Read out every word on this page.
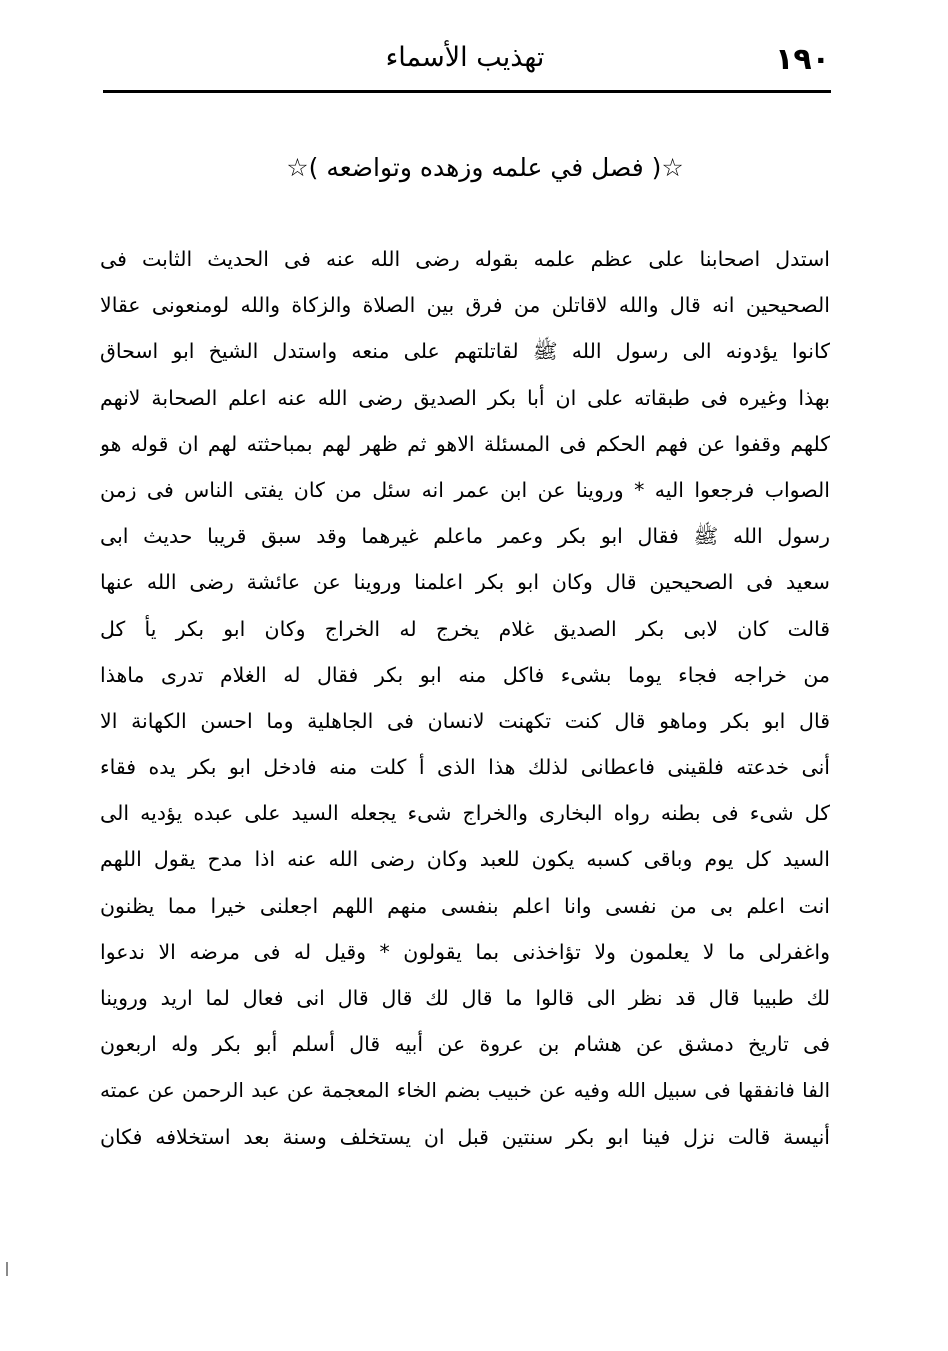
١٩٠
تهذيب الأسماء
☆( فصل في علمه وزهده وتواضعه )☆
استدل اصحابنا على عظم علمه بقوله رضى الله عنه فى الحديث الثابت فى
الصحيحين انه قال والله لاقاتلن من فرق بين الصلاة والزكاة والله لومنعونى عقالا
كانوا يؤدونه الى رسول الله ﷺ لقاتلتهم على منعه واستدل الشيخ ابو اسحاق
بهذا وغيره فى طبقاته على ان أبا بكر الصديق رضى الله عنه اعلم الصحابة لانهم
كلهم وقفوا عن فهم الحكم فى المسئلة الاهو ثم ظهر لهم بمباحثته لهم ان قوله هو
الصواب فرجعوا اليه * وروينا عن ابن عمر انه سئل من كان يفتى الناس فى زمن
رسول الله ﷺ فقال ابو بكر وعمر ماعلم غيرهما وقد سبق قريبا حديث ابى
سعيد فى الصحيحين قال وكان ابو بكر اعلمنا وروينا عن عائشة رضى الله عنها
قالت كان لابى بكر الصديق غلام يخرج له الخراج وكان ابو بكر يأ كل
من خراجه فجاء يوما بشىء فاكل منه ابو بكر فقال له الغلام تدرى ماهذا
قال ابو بكر وماهو قال كنت تكهنت لانسان فى الجاهلية وما احسن الكهانة الا
أنى خدعته فلقينى فاعطانى لذلك هذا الذى أ كلت منه فادخل ابو بكر يده فقاء
كل شىء فى بطنه رواه البخارى والخراج شىء يجعله السيد على عبده يؤديه الى
السيد كل يوم وباقى كسبه يكون للعبد وكان رضى الله عنه اذا مدح يقول اللهم
انت اعلم بى من نفسى وانا اعلم بنفسى منهم اللهم اجعلنى خيرا مما يظنون
واغفرلى ما لا يعلمون ولا تؤاخذنى بما يقولون * وقيل له فى مرضه الا ندعوا
لك طبيبا قال قد نظر الى قالوا ما قال لك قال قال انى فعال لما اريد وروينا
فى تاريخ دمشق عن هشام بن عروة عن أبيه قال أسلم أبو بكر وله اربعون
الفا فانفقها فى سبيل الله وفيه عن خبيب بضم الخاء المعجمة عن عبد الرحمن عن عمته
أنيسة قالت نزل فينا ابو بكر سنتين قبل ان يستخلف وسنة بعد استخلافه فكان
